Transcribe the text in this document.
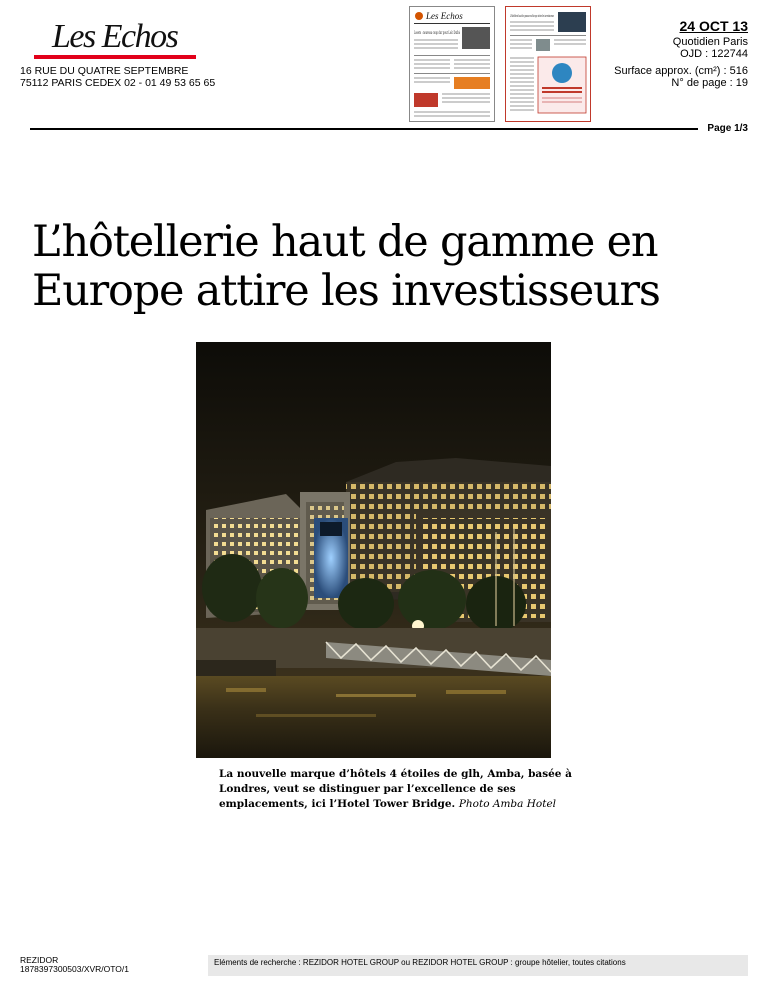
Les Echos
16 RUE DU QUATRE SEPTEMBRE
75112 PARIS CEDEX 02 - 01 49 53 65 65
Les Echos
Losers : nouveau coup dur pour Loïc Dufloi
L'hôtellerie haut de gamme en Europe attire les investisseurs
24 OCT 13
Quotidien Paris
OJD : 122744
Surface approx. (cm²) : 516
N° de page : 19
Page 1/3
L’hôtellerie haut de gamme en
Europe attire les investisseurs
La nouvelle marque d’hôtels 4 étoiles de glh, Amba, basée à Londres, veut se distinguer par l’excellence de ses emplacements, ici l’Hotel Tower Bridge. Photo Amba Hotel
REZIDOR
1878397300503/XVR/OTO/1
Eléments de recherche : REZIDOR HOTEL GROUP ou REZIDOR HOTEL GROUP : groupe hôtelier, toutes citations
